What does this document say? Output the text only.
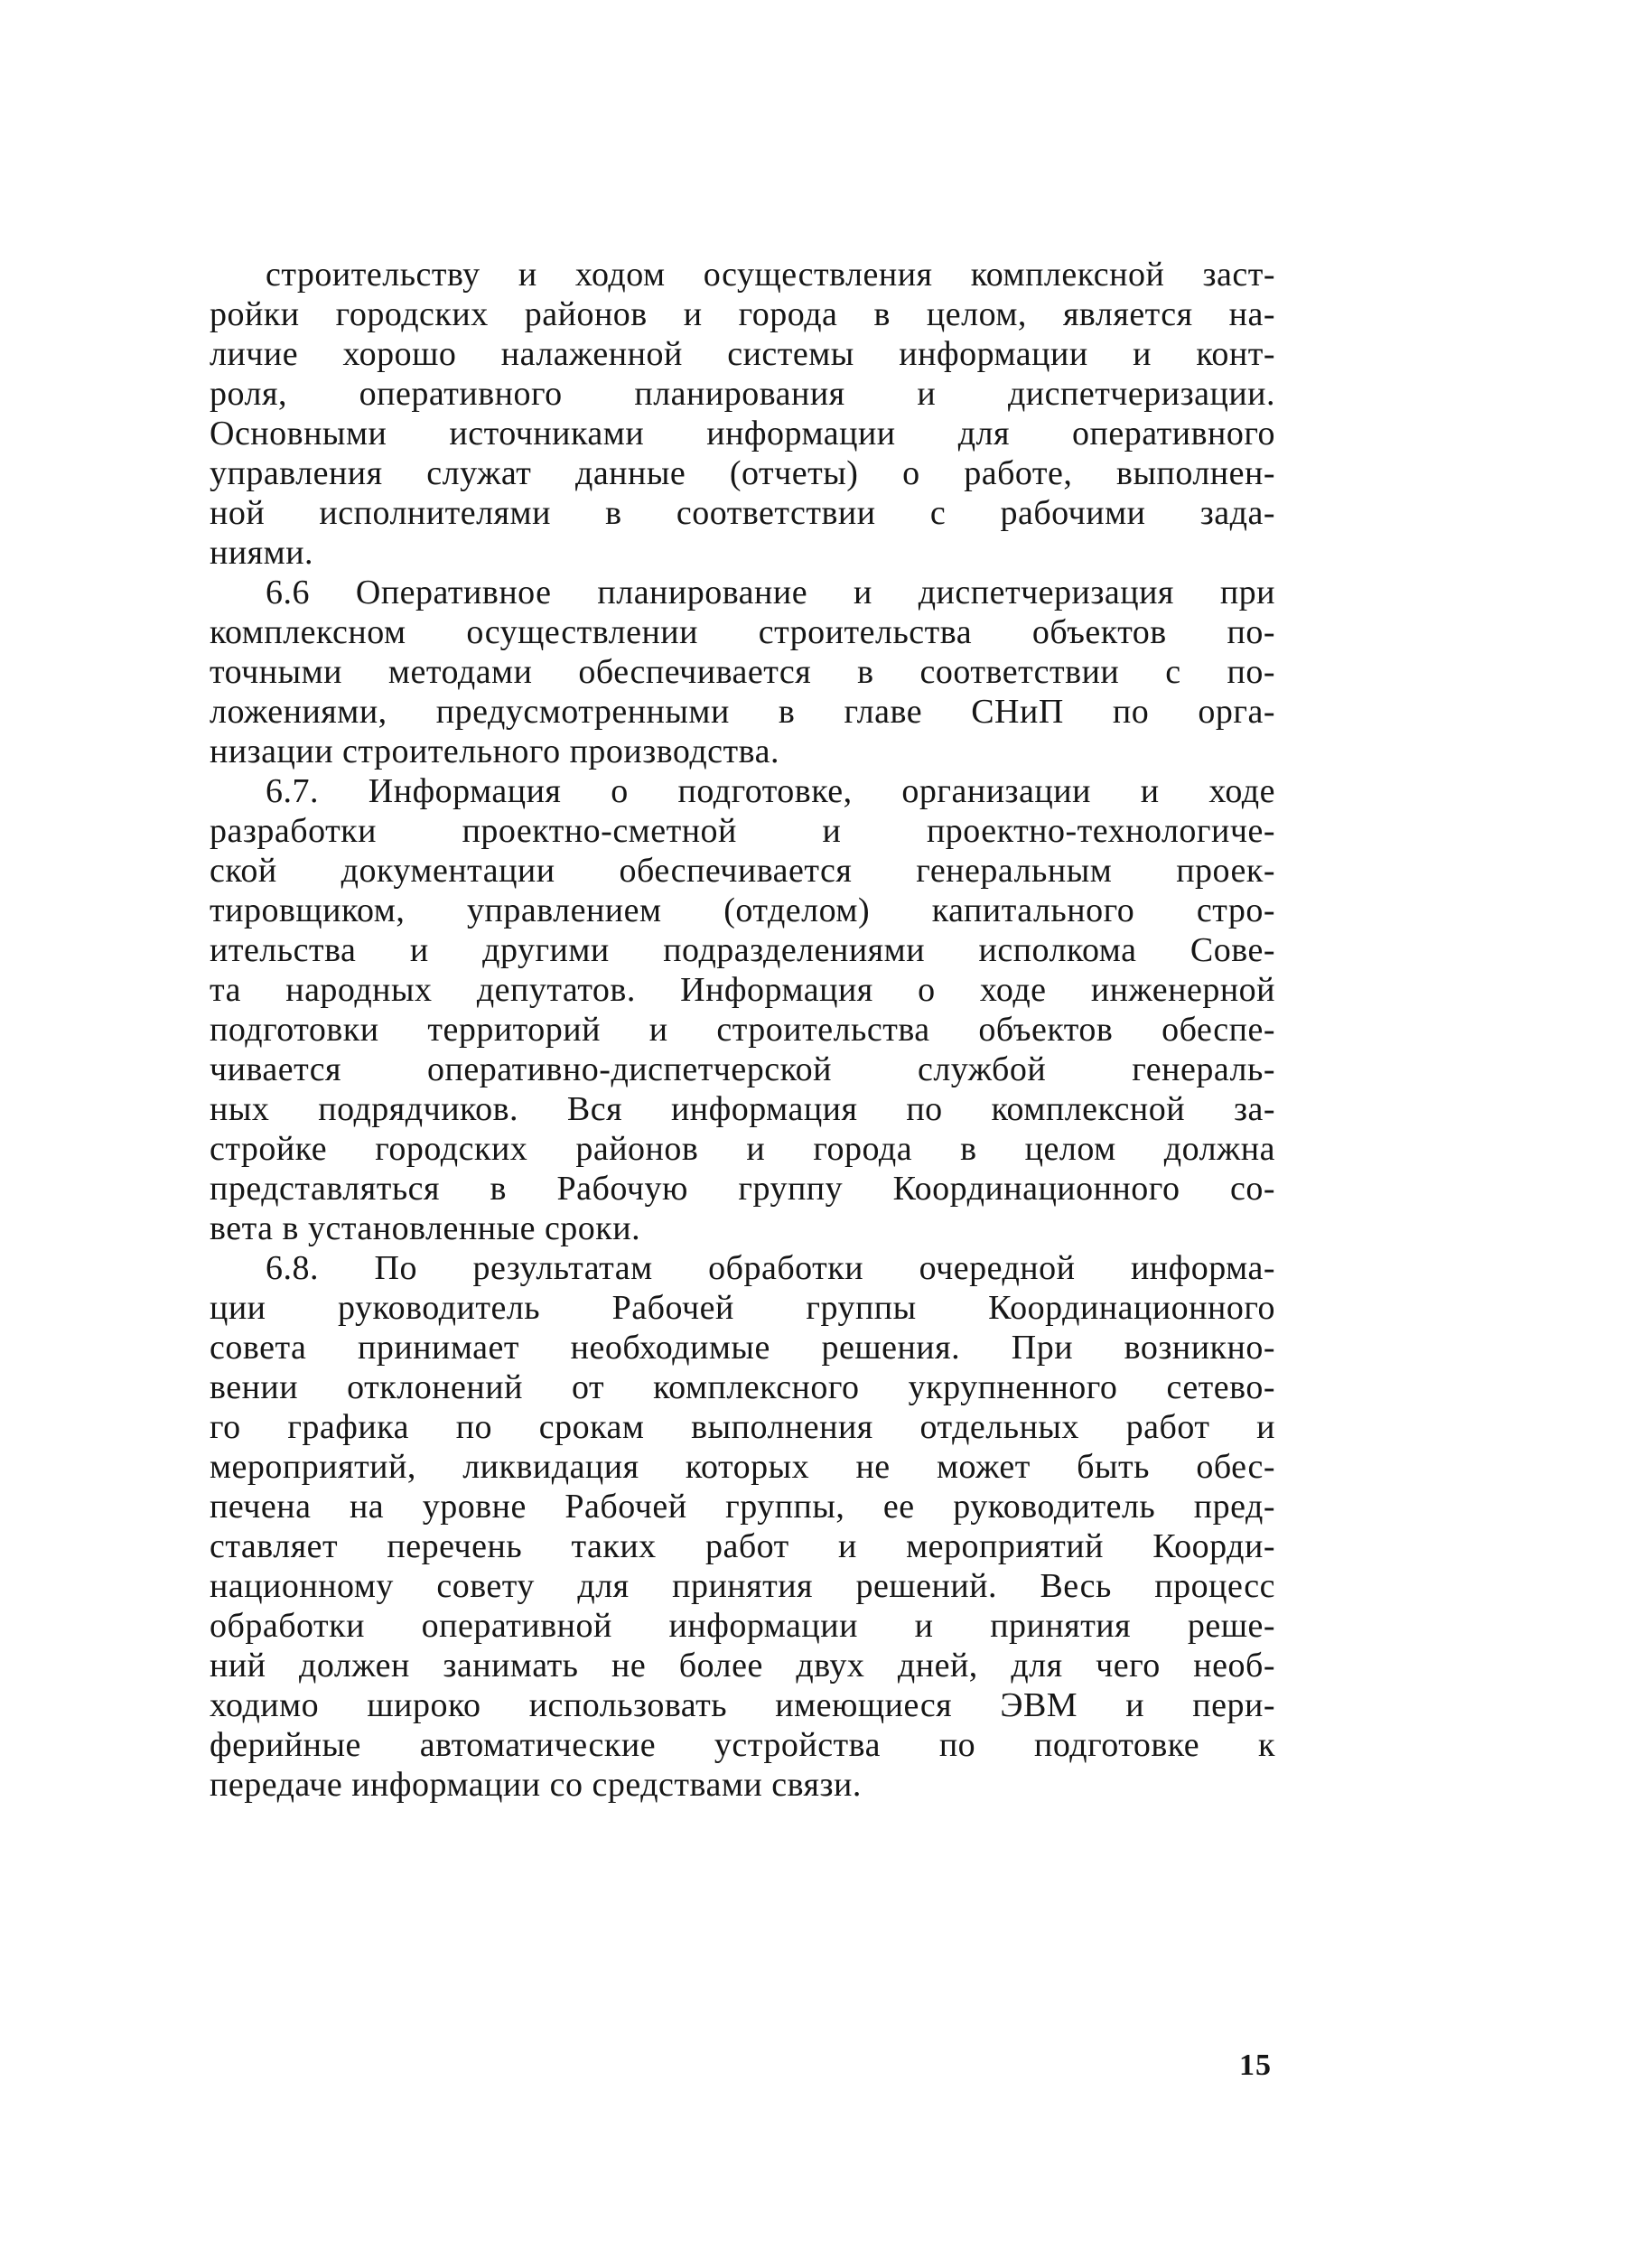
строительству и ходом осуществления комплексной заст-
ройки городских районов и города в целом, является на-
личие хорошо налаженной системы информации и конт-
роля, оперативного планирования и диспетчеризации.
Основными источниками информации для оперативного
управления служат данные (отчеты) о работе, выполнен-
ной исполнителями в соответствии с рабочими зада-
ниями.
6.6 Оперативное планирование и диспетчеризация при
комплексном осуществлении строительства объектов по-
точными методами обеспечивается в соответствии с по-
ложениями, предусмотренными в главе СНиП по орга-
низации строительного производства.
6.7. Информация о подготовке, организации и ходе
разработки проектно-сметной и проектно-технологиче-
ской документации обеспечивается генеральным проек-
тировщиком, управлением (отделом) капитального стро-
ительства и другими подразделениями исполкома Сове-
та народных депутатов. Информация о ходе инженерной
подготовки территорий и строительства объектов обеспе-
чивается оперативно-диспетчерской службой генераль-
ных подрядчиков. Вся информация по комплексной за-
стройке городских районов и города в целом должна
представляться в Рабочую группу Координационного со-
вета в установленные сроки.
6.8. По результатам обработки очередной информа-
ции руководитель Рабочей группы Координационного
совета принимает необходимые решения. При возникно-
вении отклонений от комплексного укрупненного сетево-
го графика по срокам выполнения отдельных работ и
мероприятий, ликвидация которых не может быть обес-
печена на уровне Рабочей группы, ее руководитель пред-
ставляет перечень таких работ и мероприятий Коорди-
национному совету для принятия решений. Весь процесс
обработки оперативной информации и принятия реше-
ний должен занимать не более двух дней, для чего необ-
ходимо широко использовать имеющиеся ЭВМ и пери-
ферийные автоматические устройства по подготовке к
передаче информации со средствами связи.
15
